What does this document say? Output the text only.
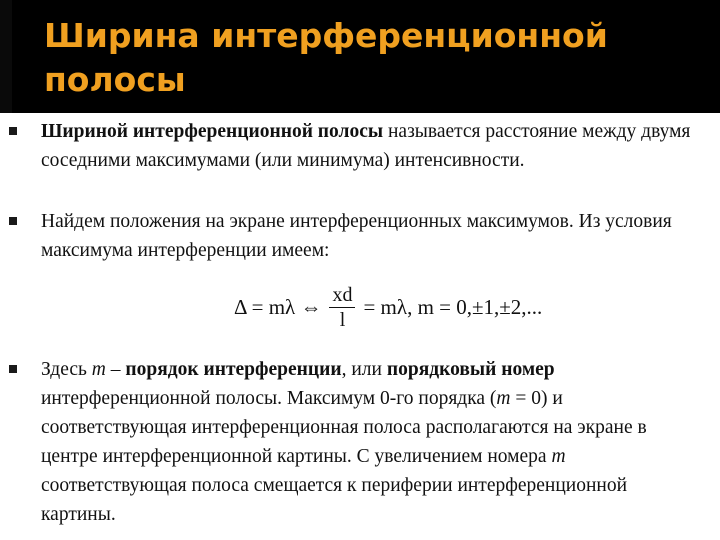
Ширина интерференционной полосы
Шириной интерференционной полосы называется расстояние между двумя соседними максимумами (или минимума) интенсивности.
Найдем положения на экране интерференционных максимумов. Из условия максимума интерференции имеем:
Δ = mλ ⇔ $\frac{xd}{l} = m\lambda$, m = 0,±1,±2,...
Здесь m – порядок интерференции, или порядковый номер интерференционной полосы. Максимум 0-го порядка (m = 0) и соответствующая интерференционная полоса располагаются на экране в центре интерференционной картины. С увеличением номера m соответствующая полоса смещается к периферии интерференционной картины.
